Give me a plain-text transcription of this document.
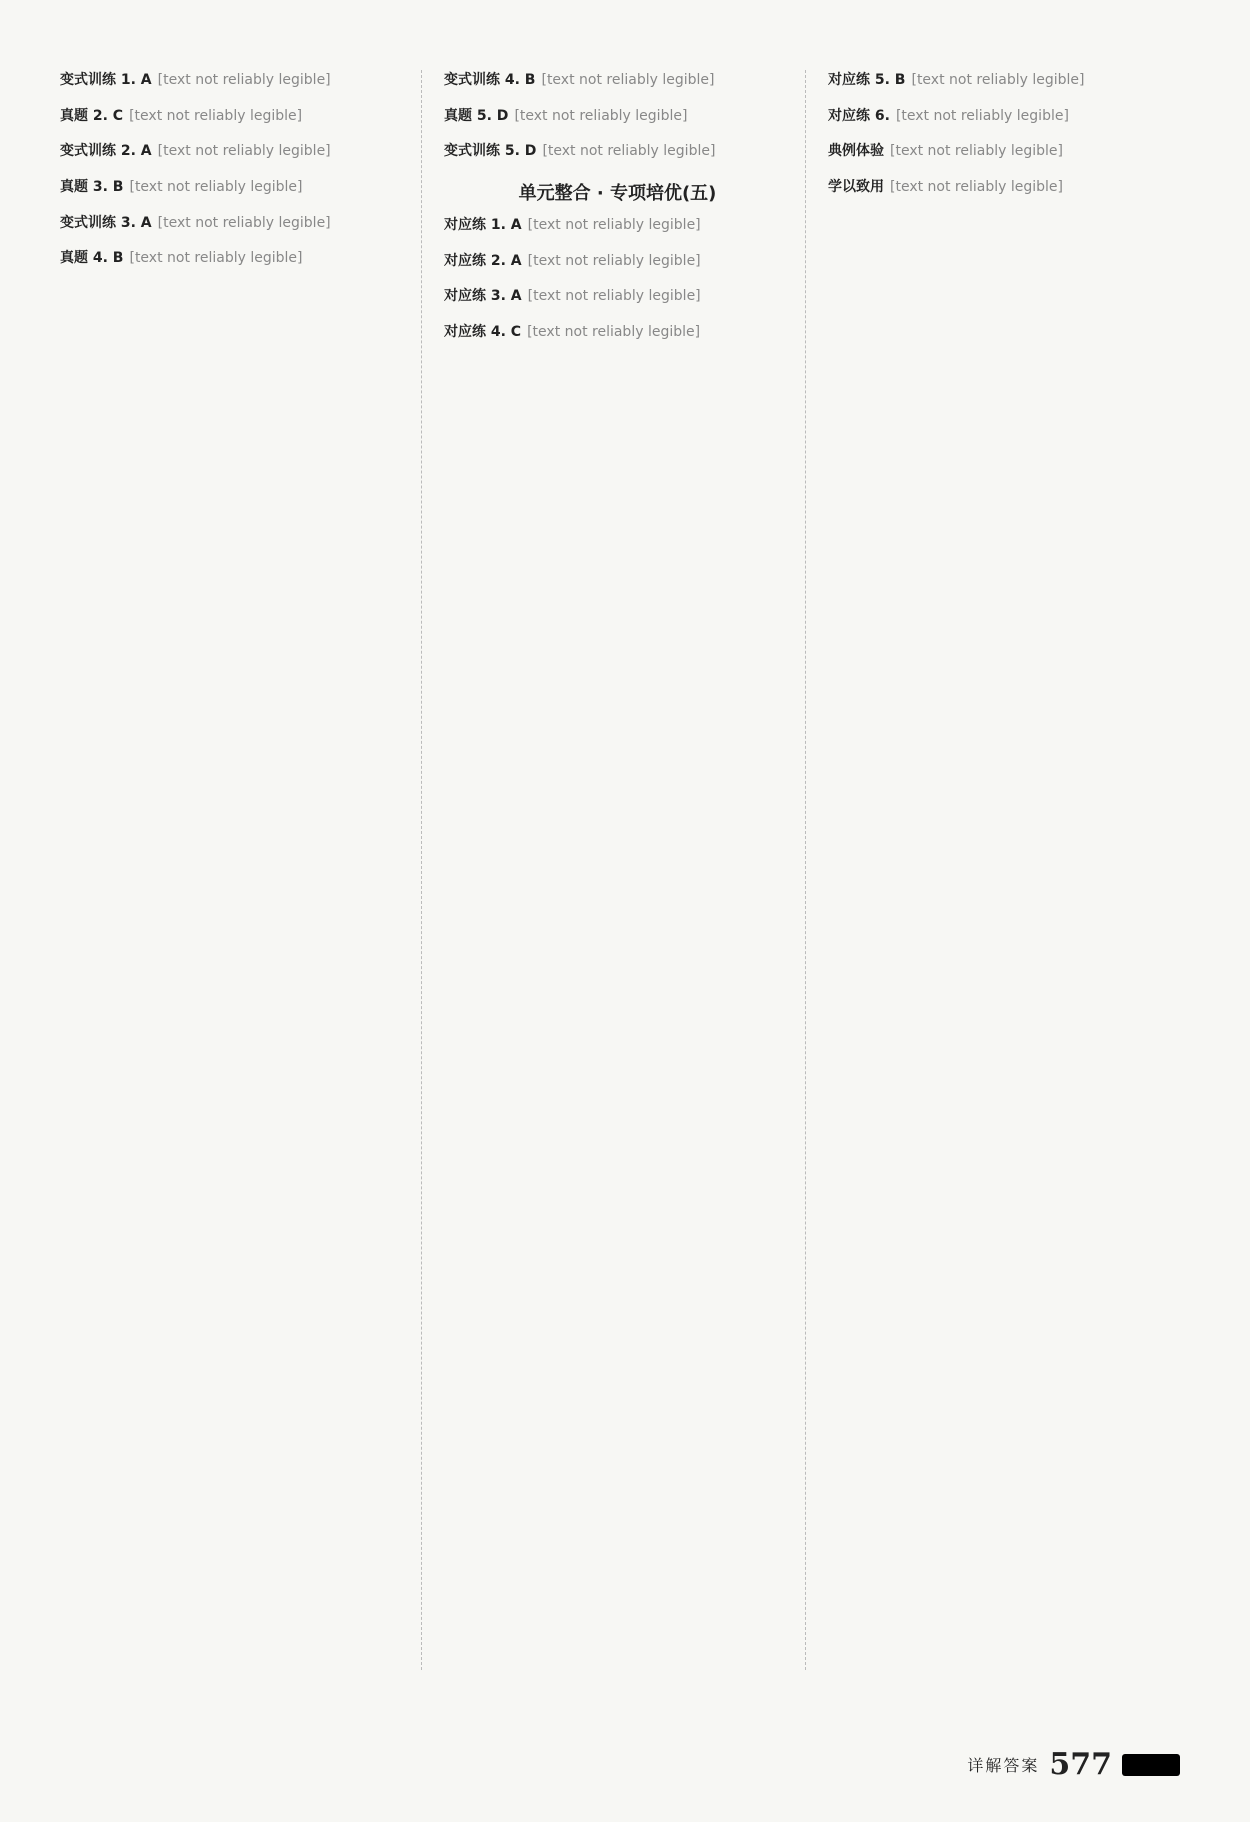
变式训练 1. A [text not reliably legible]

真题 2. C [text not reliably legible]

变式训练 2. A [text not reliably legible]

真题 3. B [text not reliably legible]

变式训练 3. A [text not reliably legible]

真题 4. B [text not reliably legible]

变式训练 4. B [text not reliably legible]

真题 5. D [text not reliably legible]

变式训练 5. D [text not reliably legible]

单元整合 · 专项培优(五)

对应练 1. A [text not reliably legible]

对应练 2. A [text not reliably legible]

对应练 3. A [text not reliably legible]

对应练 4. C [text not reliably legible]

对应练 5. B [text not reliably legible]

对应练 6. [text not reliably legible]

典例体验 [text not reliably legible]

学以致用 [text not reliably legible]

详解答案 577
